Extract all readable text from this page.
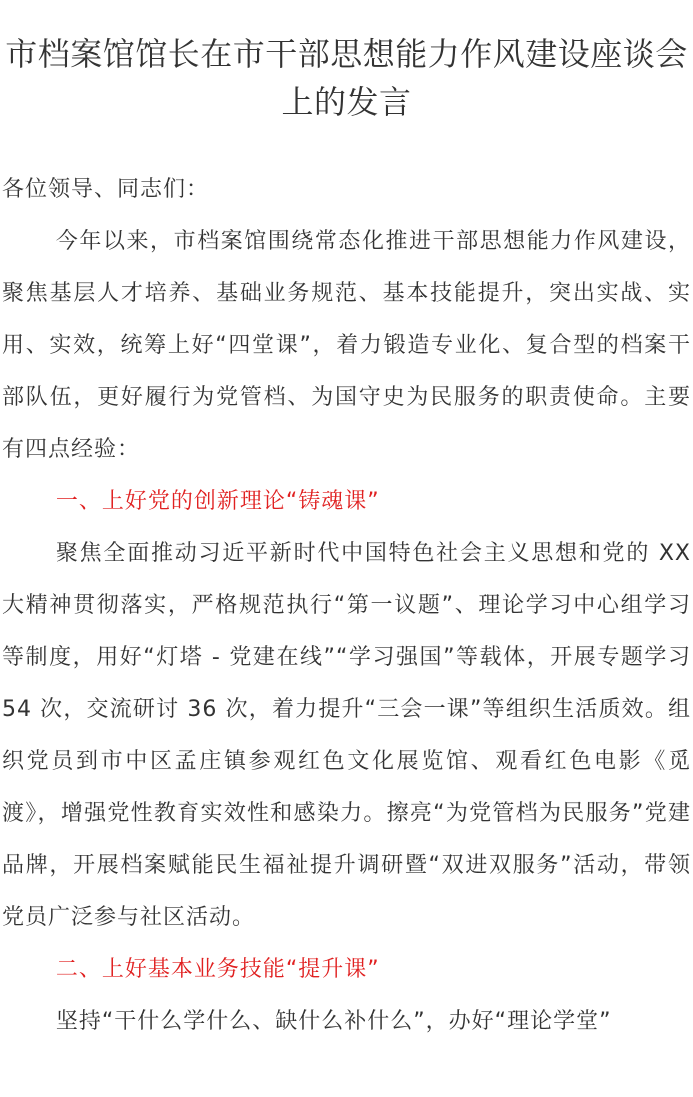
市档案馆馆长在市干部思想能力作风建设座谈会上的发言

各位领导、同志们：

今年以来，市档案馆围绕常态化推进干部思想能力作风建设，聚焦基层人才培养、基础业务规范、基本技能提升，突出实战、实用、实效，统筹上好“四堂课”，着力锻造专业化、复合型的档案干部队伍，更好履行为党管档、为国守史为民服务的职责使命。主要有四点经验：

一、上好党的创新理论“铸魂课”

聚焦全面推动习近平新时代中国特色社会主义思想和党的 XX 大精神贯彻落实，严格规范执行“第一议题”、理论学习中心组学习等制度，用好“灯塔 - 党建在线”“学习强国”等载体，开展专题学习 54 次，交流研讨 36 次，着力提升“三会一课”等组织生活质效。组织党员到市中区孟庄镇参观红色文化展览馆、观看红色电影《觅渡》，增强党性教育实效性和感染力。擦亮“为党管档为民服务”党建品牌，开展档案赋能民生福祉提升调研暨“双进双服务”活动，带领党员广泛参与社区活动。

二、上好基本业务技能“提升课”

坚持“干什么学什么、缺什么补什么”，办好“理论学堂”
